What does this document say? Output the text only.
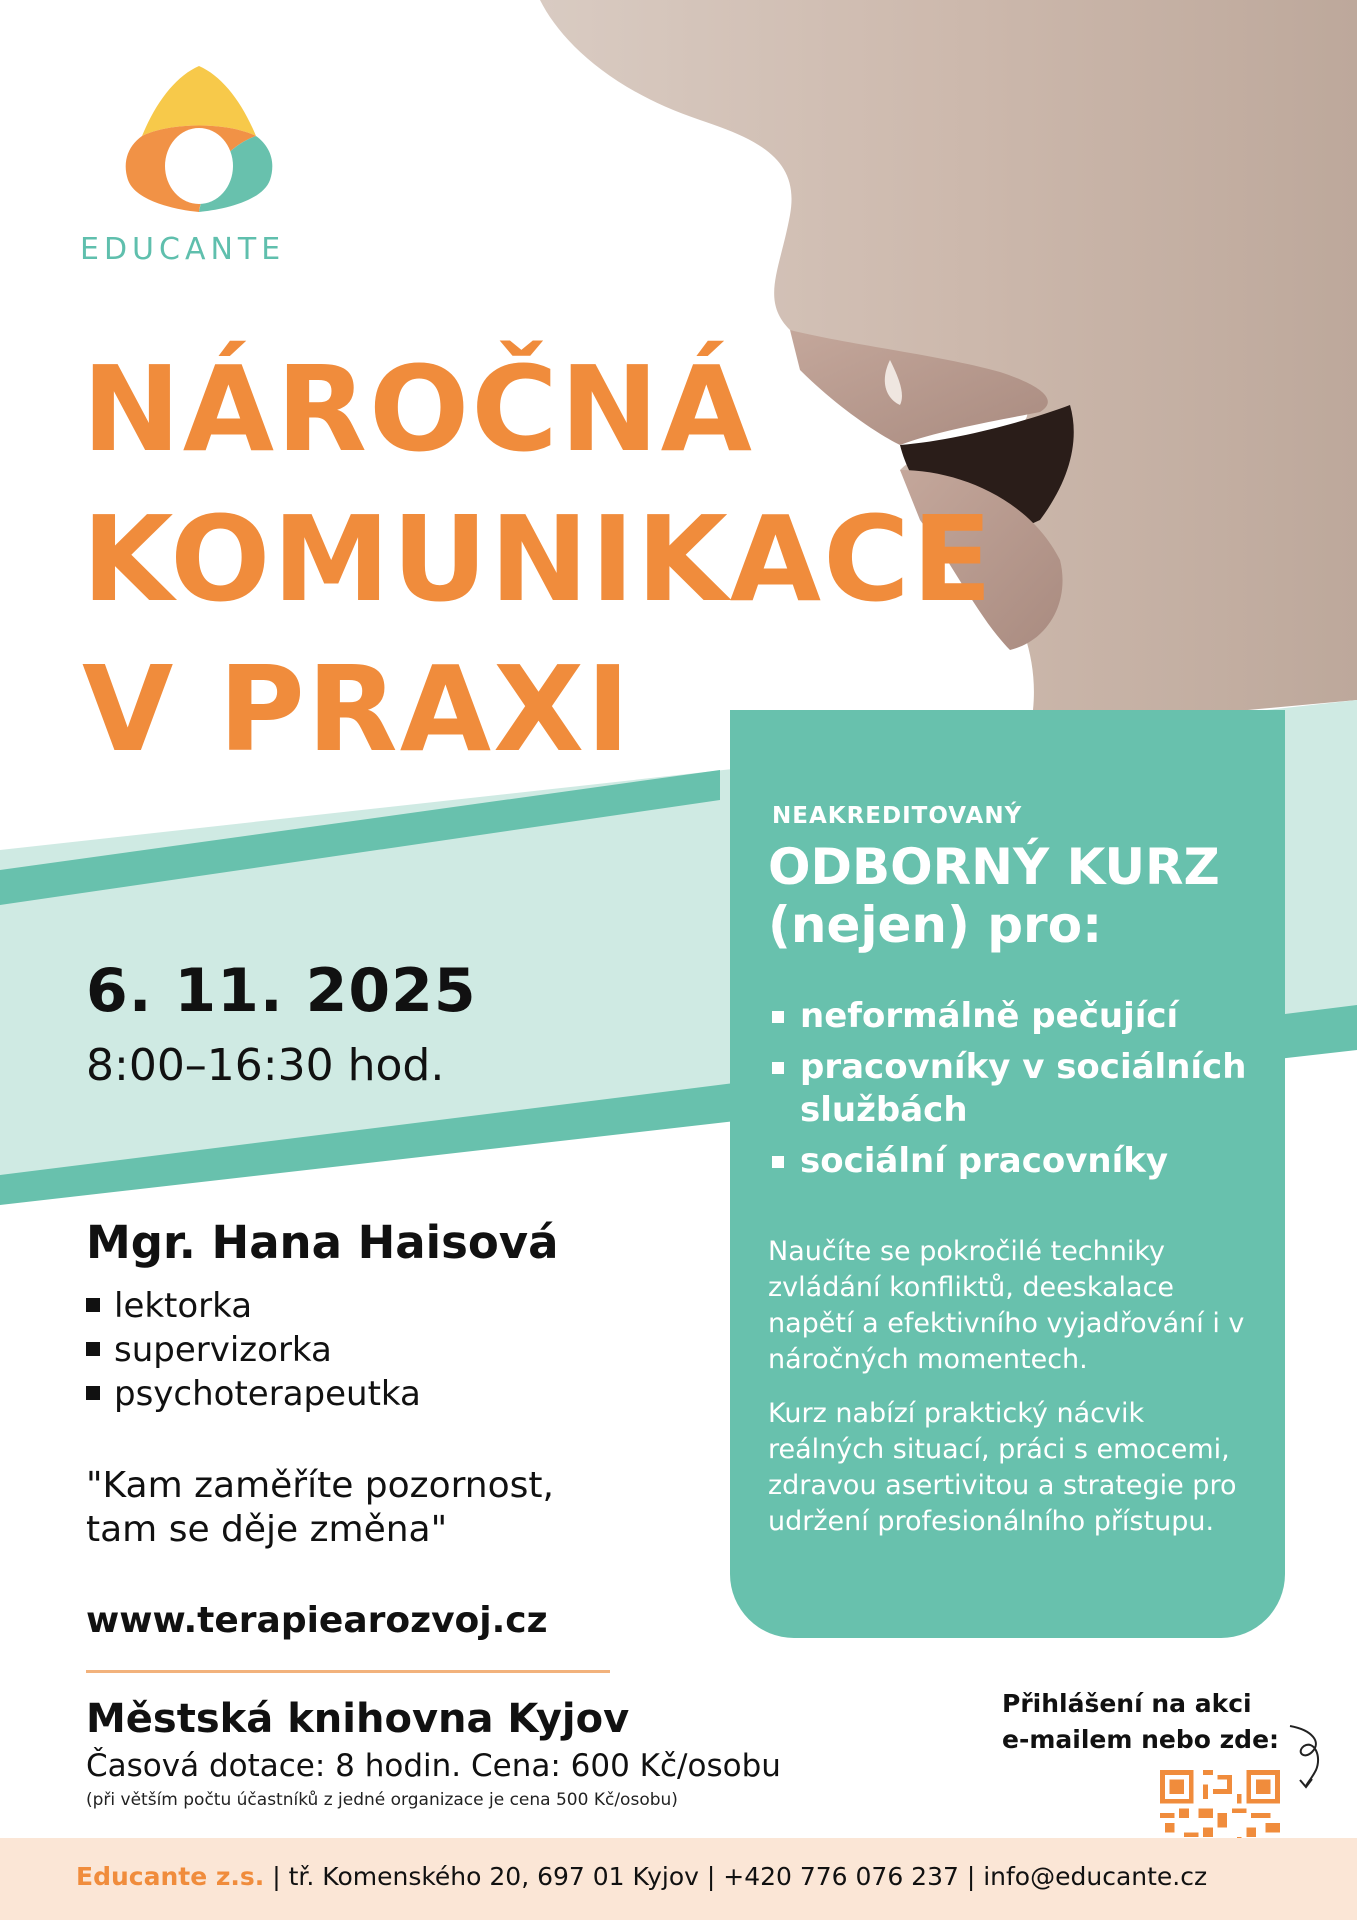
EDUCANTE
NÁROČNÁ
KOMUNIKACE
V PRAXI
6. 11. 2025
8:00–16:30 hod.
Mgr. Hana Haisová
lektorka
supervizorka
psychoterapeutka
"Kam zaměříte pozornost, tam se děje změna"
www.terapiearozvoj.cz
Městská knihovna Kyjov
Časová dotace: 8 hodin. Cena: 600 Kč/osobu
(při větším počtu účastníků z jedné organizace je cena 500 Kč/osobu)
NEAKREDITOVANÝ
ODBORNÝ KURZ
(nejen) pro:
neformálně pečující
pracovníky v sociálních službách
sociální pracovníky
Naučíte se pokročilé techniky zvládání konfliktů, deeskalace napětí a efektivního vyjadřování i v náročných momentech.
Kurz nabízí praktický nácvik reálných situací, práci s emocemi, zdravou asertivitou a strategie pro udržení profesionálního přístupu.
Přihlášení na akci
e-mailem nebo zde:
Educante z.s. | tř. Komenského 20, 697 01 Kyjov | +420 776 076 237 | info@educante.cz
